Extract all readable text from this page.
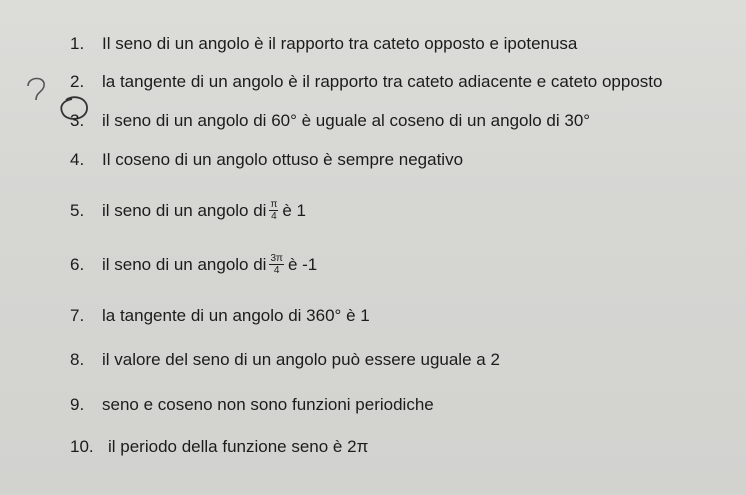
1.	Il seno di un angolo è il rapporto tra cateto opposto e ipotenusa
2.	la tangente di un angolo è il rapporto tra cateto adiacente e cateto opposto
3.	il seno di un angolo di 60° è uguale al coseno di un angolo di 30°
4.	Il coseno di un angolo ottuso è sempre negativo
5.	il seno di un angolo di $\frac{\pi}{4}$ è 1
6.	il seno di un angolo di $\frac{3\pi}{4}$ è -1
7.	la tangente di un angolo di 360° è 1
8.	il valore del seno di un angolo può essere uguale a 2
9.	seno e coseno non sono funzioni periodiche
10. il periodo della funzione seno è 2π
